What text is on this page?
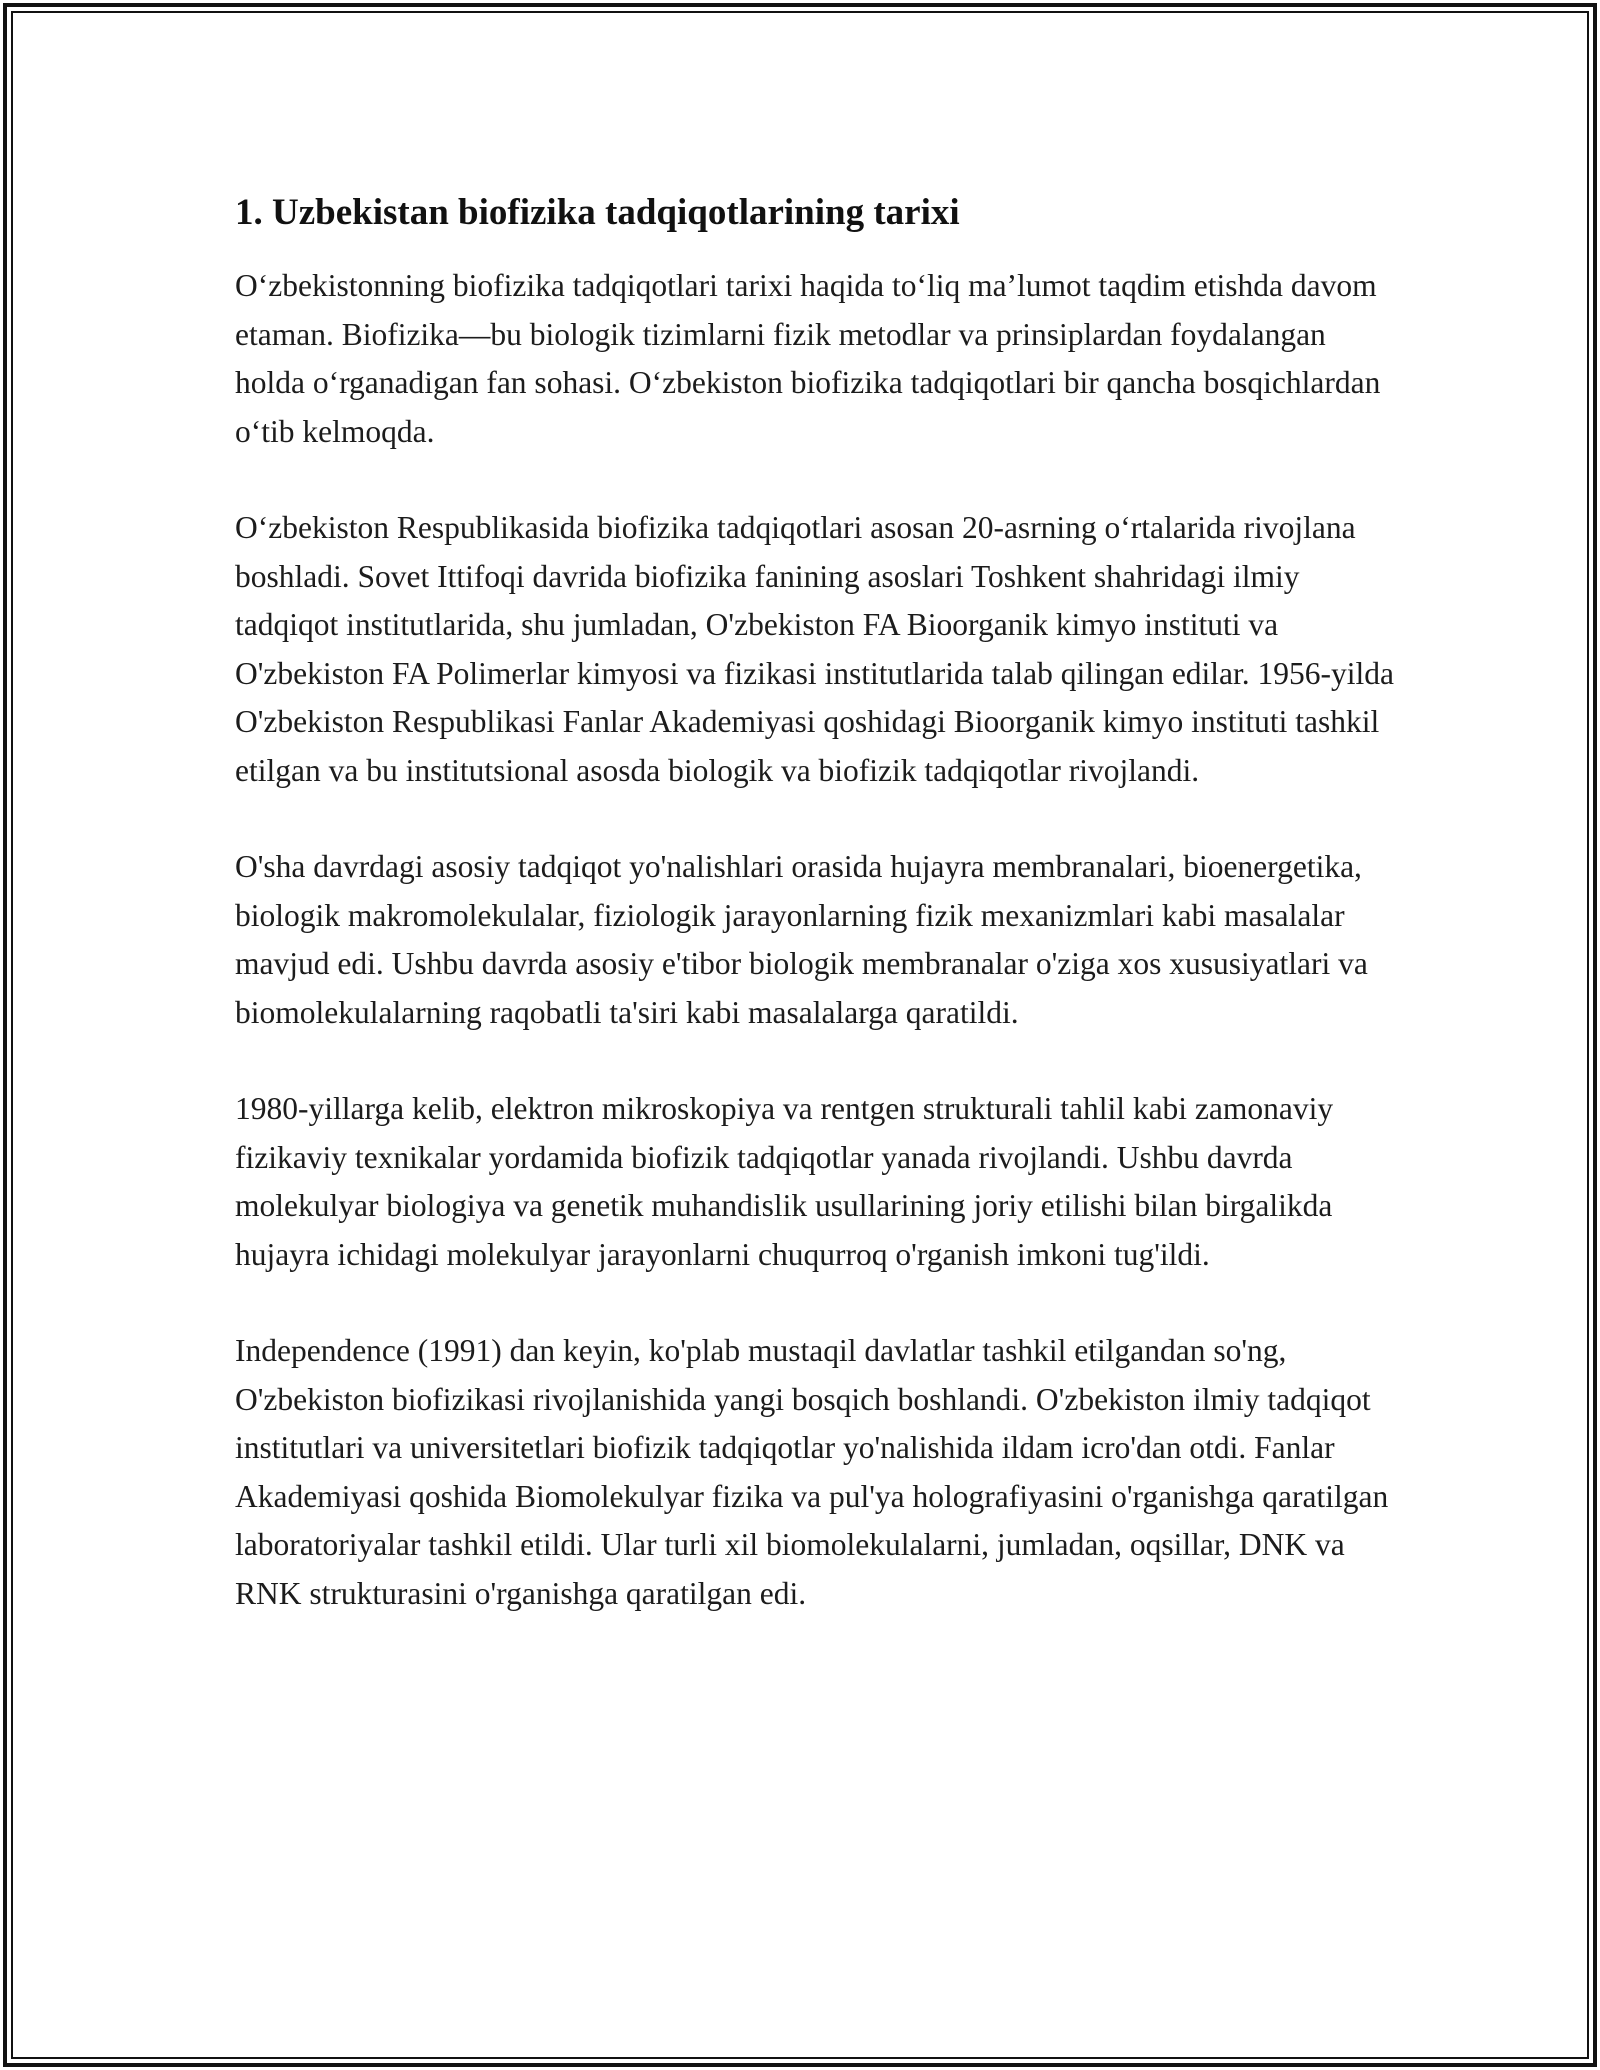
1. Uzbekistan biofizika tadqiqotlarining tarixi

O‘zbekistonning biofizika tadqiqotlari tarixi haqida to‘liq ma’lumot taqdim etishda davom etaman. Biofizika—bu biologik tizimlarni fizik metodlar va prinsiplardan foydalangan holda o‘rganadigan fan sohasi. O‘zbekiston biofizika tadqiqotlari bir qancha bosqichlardan o‘tib kelmoqda.

O‘zbekiston Respublikasida biofizika tadqiqotlari asosan 20-asrning o‘rtalarida rivojlana boshladi. Sovet Ittifoqi davrida biofizika fanining asoslari Toshkent shahridagi ilmiy tadqiqot institutlarida, shu jumladan, O'zbekiston FA Bioorganik kimyo instituti va O'zbekiston FA Polimerlar kimyosi va fizikasi institutlarida talab qilingan edilar. 1956-yilda O'zbekiston Respublikasi Fanlar Akademiyasi qoshidagi Bioorganik kimyo instituti tashkil etilgan va bu institutsional asosda biologik va biofizik tadqiqotlar rivojlandi.

O'sha davrdagi asosiy tadqiqot yo'nalishlari orasida hujayra membranalari, bioenergetika, biologik makromolekulalar, fiziologik jarayonlarning fizik mexanizmlari kabi masalalar mavjud edi. Ushbu davrda asosiy e'tibor biologik membranalar o'ziga xos xususiyatlari va biomolekulalarning raqobatli ta'siri kabi masalalarga qaratildi.

1980-yillarga kelib, elektron mikroskopiya va rentgen strukturali tahlil kabi zamonaviy fizikaviy texnikalar yordamida biofizik tadqiqotlar yanada rivojlandi. Ushbu davrda molekulyar biologiya va genetik muhandislik usullarining joriy etilishi bilan birgalikda hujayra ichidagi molekulyar jarayonlarni chuqurroq o'rganish imkoni tug'ildi.

Independence (1991) dan keyin, ko'plab mustaqil davlatlar tashkil etilgandan so'ng, O'zbekiston biofizikasi rivojlanishida yangi bosqich boshlandi. O'zbekiston ilmiy tadqiqot institutlari va universitetlari biofizik tadqiqotlar yo'nalishida ildam icro'dan otdi. Fanlar Akademiyasi qoshida Biomolekulyar fizika va pul'ya holografiyasini o'rganishga qaratilgan laboratoriyalar tashkil etildi. Ular turli xil biomolekulalarni, jumladan, oqsillar, DNK va RNK strukturasini o'rganishga qaratilgan edi.
